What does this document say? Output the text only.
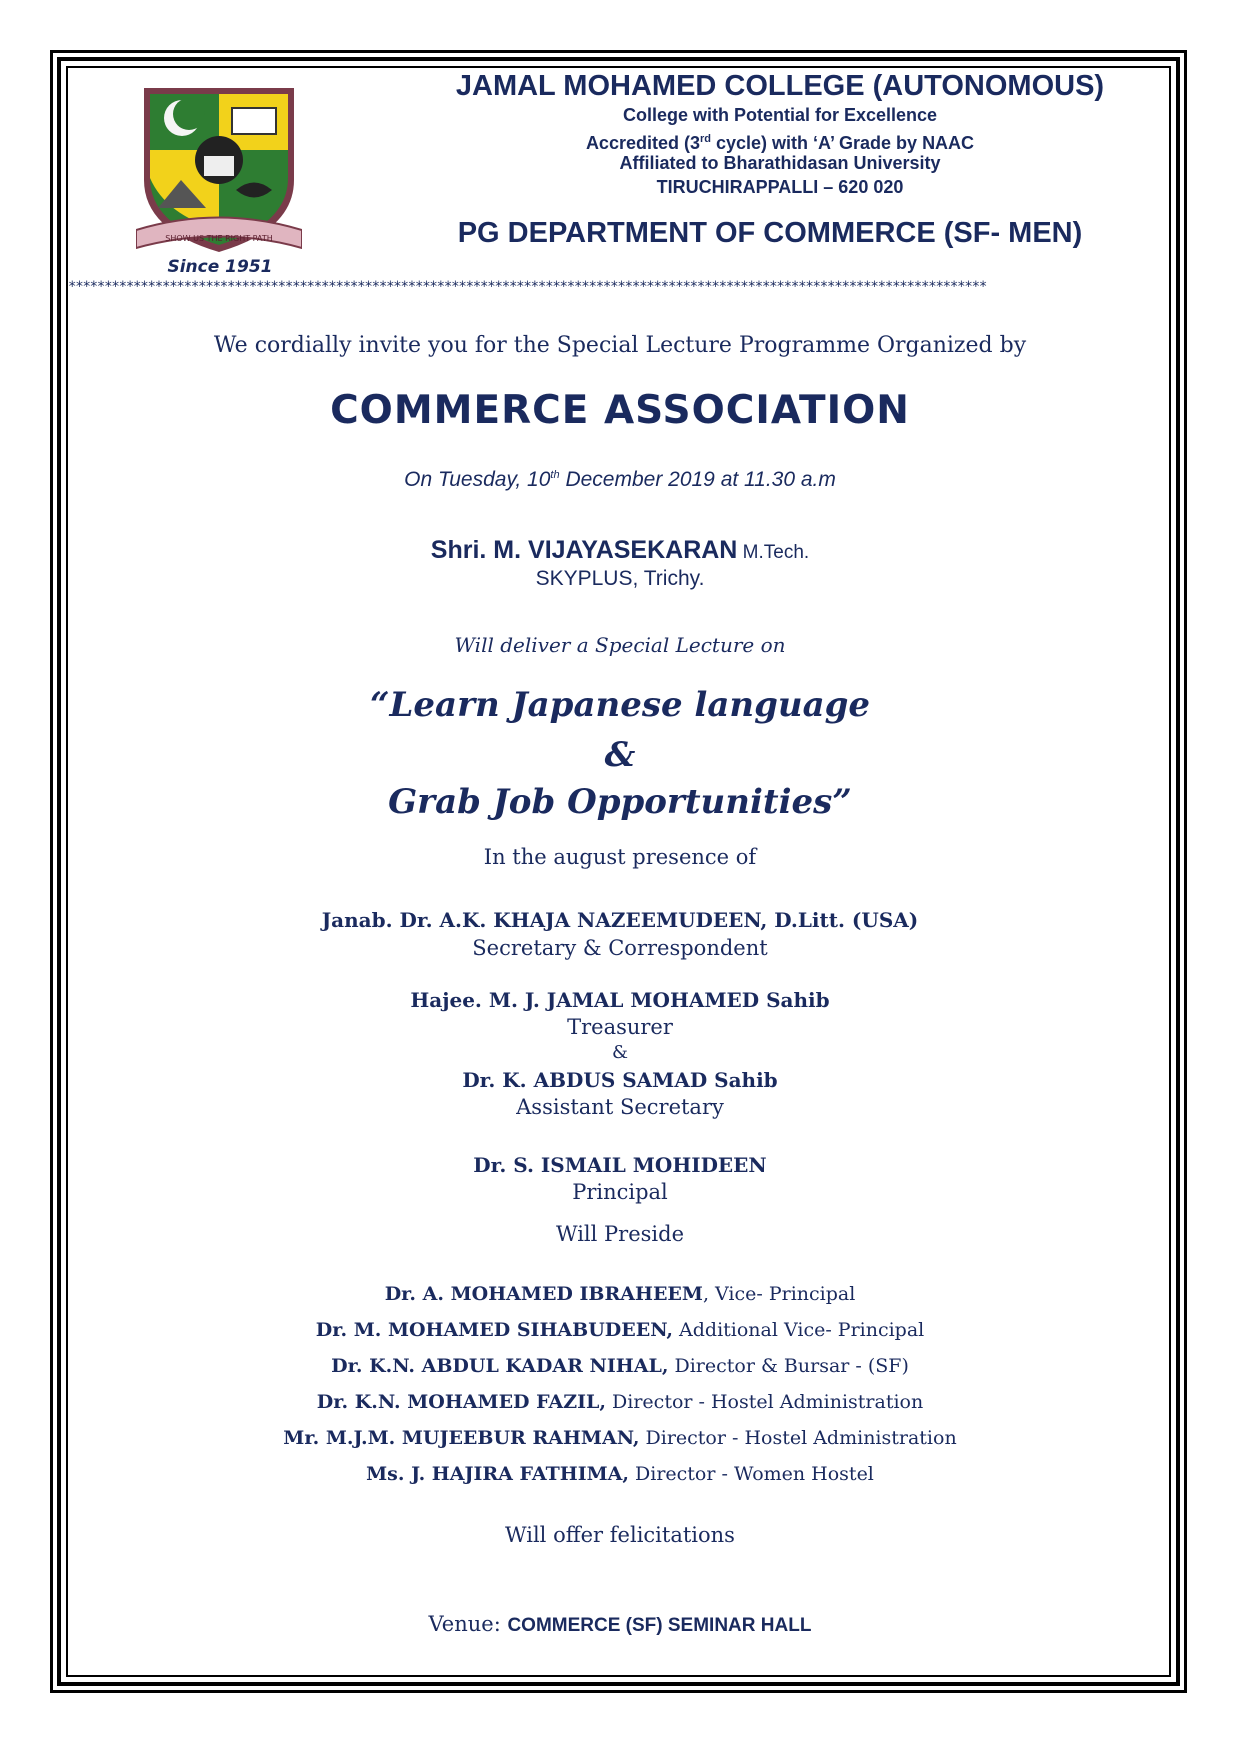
SHOW US THE RIGHT PATH
Since 1951
JAMAL MOHAMED COLLEGE (AUTONOMOUS)
College with Potential for Excellence
Accredited (3rd cycle) with ‘A’ Grade by NAAC
Affiliated to Bharathidasan University
TIRUCHIRAPPALLI – 620 020
PG DEPARTMENT OF COMMERCE (SF- MEN)
*******************************************************************************************************************************
We cordially invite you for the Special Lecture Programme Organized by
COMMERCE ASSOCIATION
On Tuesday, 10th December 2019 at 11.30 a.m
Shri. M. VIJAYASEKARAN M.Tech.
SKYPLUS, Trichy.
Will deliver a Special Lecture on
“Learn Japanese language
&
Grab Job Opportunities”
In the august presence of
Janab. Dr. A.K. KHAJA NAZEEMUDEEN, D.Litt. (USA)
Secretary & Correspondent
Hajee. M. J. JAMAL MOHAMED Sahib
Treasurer
&
Dr. K. ABDUS SAMAD Sahib
Assistant Secretary
Dr. S. ISMAIL MOHIDEEN
Principal
Will Preside
Dr. A. MOHAMED IBRAHEEM, Vice- Principal
Dr. M. MOHAMED SIHABUDEEN, Additional Vice- Principal
Dr. K.N. ABDUL KADAR NIHAL, Director & Bursar - (SF)
Dr. K.N. MOHAMED FAZIL, Director - Hostel Administration
Mr. M.J.M. MUJEEBUR RAHMAN, Director - Hostel Administration
Ms. J. HAJIRA FATHIMA, Director - Women Hostel
Will offer felicitations
Venue: COMMERCE (SF) SEMINAR HALL
